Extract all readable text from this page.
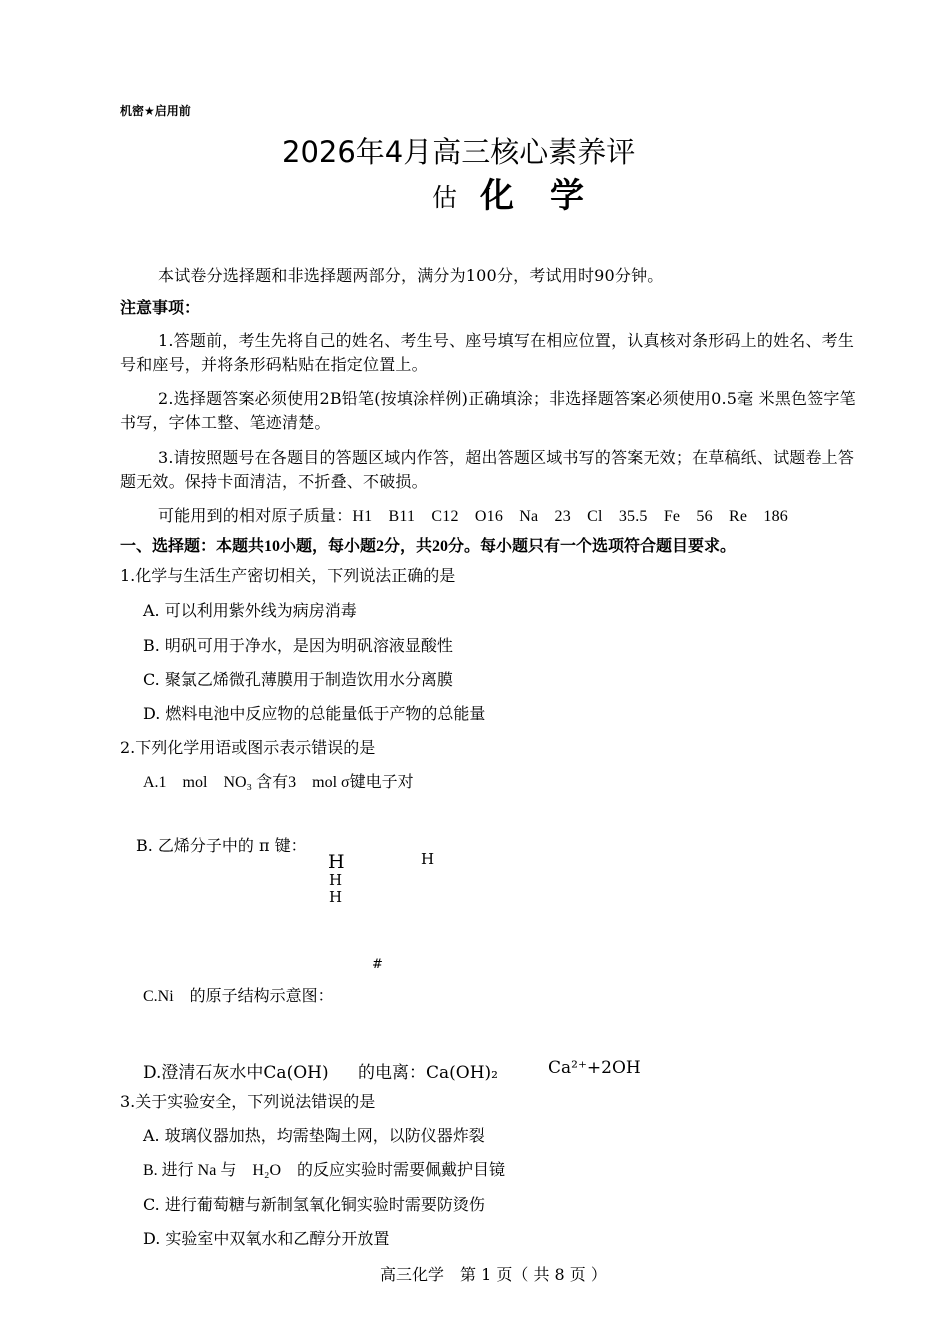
机密★启用前
2026年4月高三核心素养评
估 化学
本试卷分选择题和非选择题两部分，满分为100分，考试用时90分钟。
注意事项：
1.答题前，考生先将自己的姓名、考生号、座号填写在相应位置，认真核对条形码上的姓名、考生号和座号，并将条形码粘贴在指定位置上。
2.选择题答案必须使用2B铅笔(按填涂样例)正确填涂；非选择题答案必须使用0.5毫 米黑色签字笔书写，字体工整、笔迹清楚。
3.请按照题号在各题目的答题区域内作答，超出答题区域书写的答案无效；在草稿纸、试题卷上答题无效。保持卡面清洁，不折叠、不破损。
可能用到的相对原子质量：H1　B11　C12　O16　Na　23　Cl　35.5　Fe　56　Re　186
一、选择题：本题共10小题，每小题2分，共20分。每小题只有一个选项符合题目要求。
1.化学与生活生产密切相关，下列说法正确的是
A. 可以利用紫外线为病房消毒
B. 明矾可用于净水，是因为明矾溶液显酸性
C. 聚氯乙烯微孔薄膜用于制造饮用水分离膜
D. 燃料电池中反应物的总能量低于产物的总能量
2.下列化学用语或图示表示错误的是
A.1　mol　NO₃ 含有3　mol σ键电子对
B. 乙烯分子中的 π 键：
H	H
H
H
#
C.Ni　的原子结构示意图：
D.澄清石灰水中Ca(OH) 的电离：Ca(OH)₂	Ca²⁺+2OH
3.关于实验安全，下列说法错误的是
A. 玻璃仪器加热，均需垫陶土网，以防仪器炸裂
B. 进行 Na 与　H₂O　的反应实验时需要佩戴护目镜
C. 进行葡萄糖与新制氢氧化铜实验时需要防烫伤
D. 实验室中双氧水和乙醇分开放置
高三化学　第 1 页（ 共 8 页 ）
